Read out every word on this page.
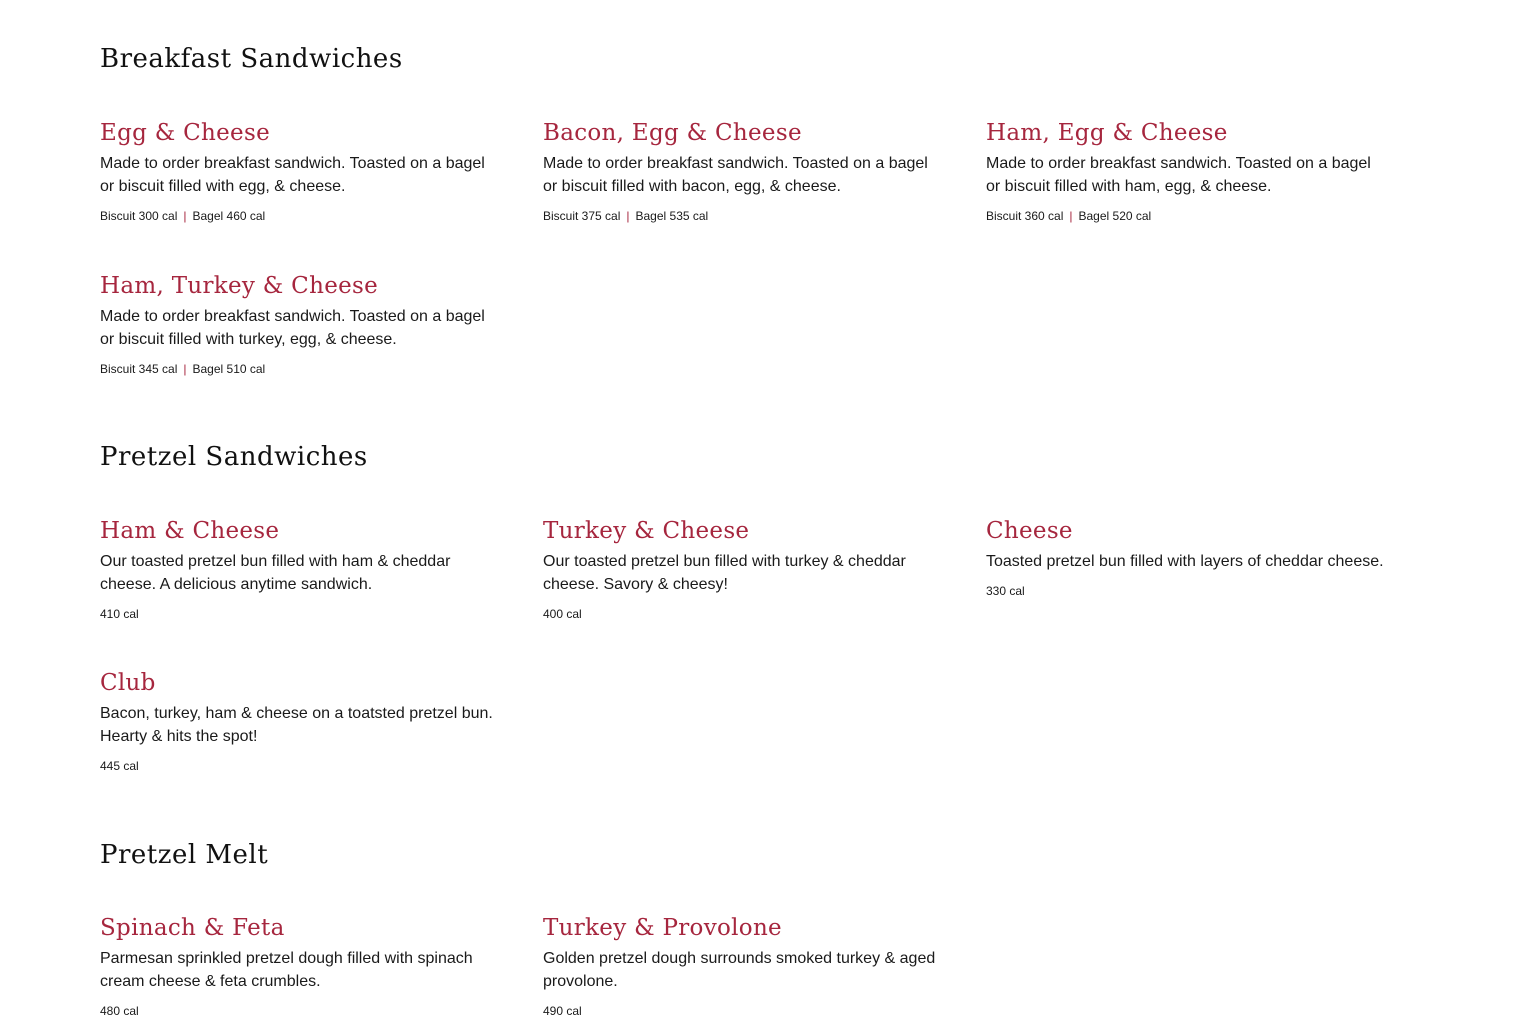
Breakfast Sandwiches
Egg & Cheese

Made to order breakfast sandwich. Toasted on a bagel or biscuit filled with egg, & cheese.

Biscuit 300 cal | Bagel 460 cal
Bacon, Egg & Cheese

Made to order breakfast sandwich. Toasted on a bagel or biscuit filled with bacon, egg, & cheese.

Biscuit 375 cal | Bagel 535 cal
Ham, Egg & Cheese

Made to order breakfast sandwich. Toasted on a bagel or biscuit filled with ham, egg, & cheese.

Biscuit 360 cal | Bagel 520 cal
Ham, Turkey & Cheese

Made to order breakfast sandwich. Toasted on a bagel or biscuit filled with turkey, egg, & cheese.

Biscuit 345 cal | Bagel 510 cal
Pretzel Sandwiches
Ham & Cheese

Our toasted pretzel bun filled with ham & cheddar cheese. A delicious anytime sandwich.

410 cal
Turkey & Cheese

Our toasted pretzel bun filled with turkey & cheddar cheese. Savory & cheesy!

400 cal
Cheese

Toasted pretzel bun filled with layers of cheddar cheese.

330 cal
Club

Bacon, turkey, ham & cheese on a toatsted pretzel bun. Hearty & hits the spot!

445 cal
Pretzel Melt
Spinach & Feta

Parmesan sprinkled pretzel dough filled with spinach cream cheese & feta crumbles.

480 cal
Turkey & Provolone

Golden pretzel dough surrounds smoked turkey & aged provolone.

490 cal
